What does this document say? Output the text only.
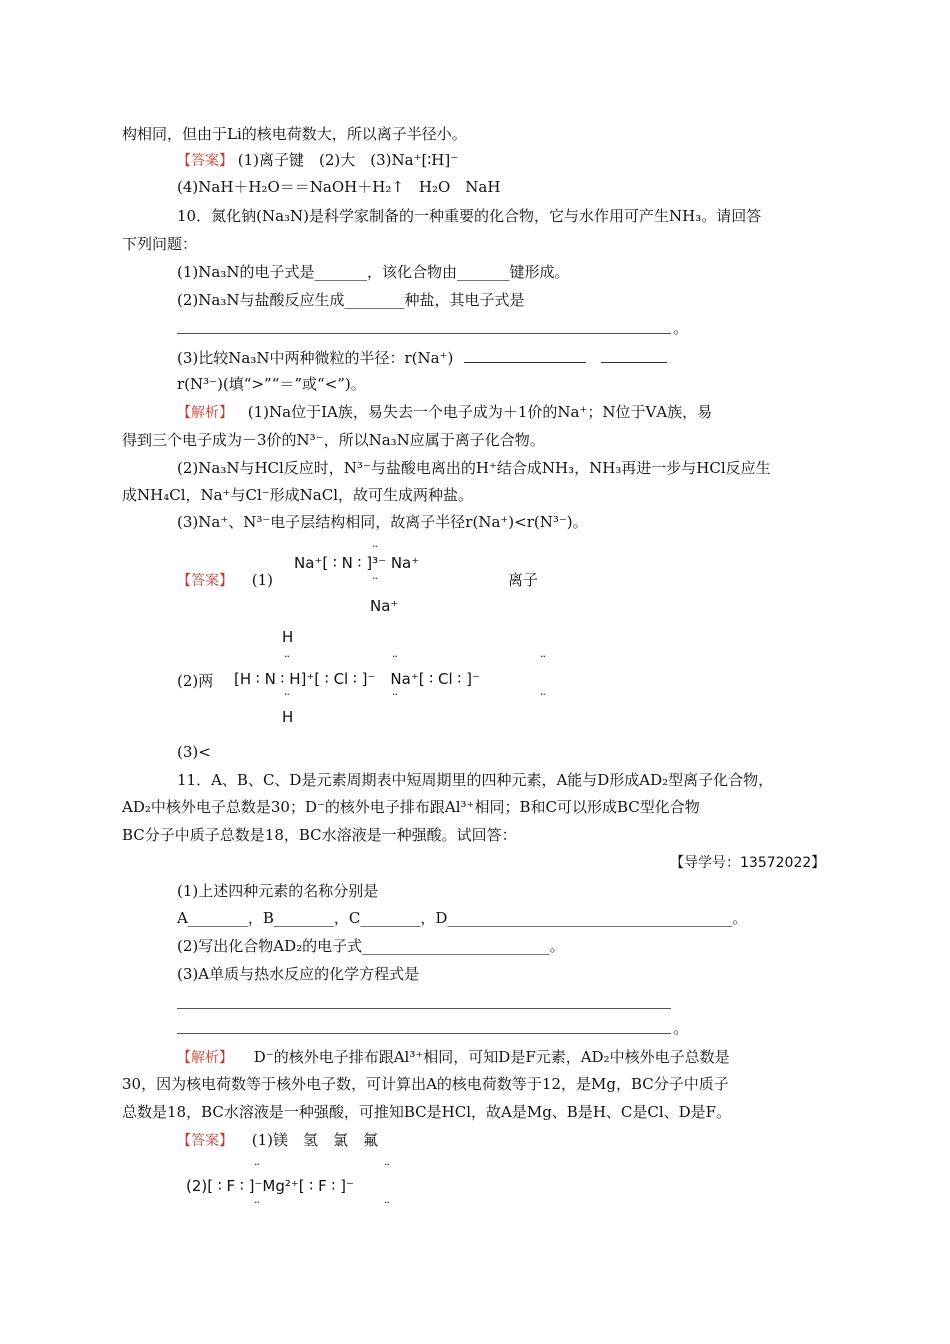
构相同，但由于Li的核电荷数大，所以离子半径小。
【答案】 (1)离子键　(2)大　(3)Na⁺[∶H]⁻
(4)NaH＋H₂O＝＝NaOH＋H₂↑　H₂O　NaH
10．氮化钠(Na₃N)是科学家制备的一种重要的化合物，它与水作用可产生NH₃。请回答
下列问题：
(1)Na₃N的电子式是_______，该化合物由_______键形成。
(2)Na₃N与盐酸反应生成________种盐，其电子式是
。
(3)比较Na₃N中两种微粒的半径：r(Na⁺)
r(N³⁻)(填“>”“＝”或“<”)。
【解析】 (1)Na位于ⅠA族，易失去一个电子成为＋1价的Na⁺；N位于ⅤA族，易
得到三个电子成为－3价的N³⁻，所以Na₃N应属于离子化合物。
(2)Na₃N与HCl反应时，N³⁻与盐酸电离出的H⁺结合成NH₃，NH₃再进一步与HCl反应生
成NH₄Cl，Na⁺与Cl⁻形成NaCl，故可生成两种盐。
(3)Na⁺、N³⁻电子层结构相同，故离子半径r(Na⁺)<r(N³⁻)。
【答案】 (1)
··
Na⁺[ ∶ N ∶ ]³⁻ Na⁺
··
Na⁺
离子
H
··	··	··
(2)两 [H ∶ N ∶ H]⁺[ ∶ Cl ∶ ]⁻　Na⁺[ ∶ Cl ∶ ]⁻
··	··	··
H
(3)<
11．A、B、C、D是元素周期表中短周期里的四种元素，A能与D形成AD₂型离子化合物，
AD₂中核外电子总数是30；D⁻的核外电子排布跟Al³⁺相同；B和C可以形成BC型化合物
BC分子中质子总数是18，BC水溶液是一种强酸。试回答：
【导学号：13572022】
(1)上述四种元素的名称分别是
A________，B________，C________，D______________________________________。
(2)写出化合物AD₂的电子式_________________________。
(3)A单质与热水反应的化学方程式是
。
【解析】 D⁻的核外电子排布跟Al³⁺相同，可知D是F元素，AD₂中核外电子总数是
30，因为核电荷数等于核外电子数，可计算出A的核电荷数等于12，是Mg，BC分子中质子
总数是18，BC水溶液是一种强酸，可推知BC是HCl，故A是Mg、B是H、C是Cl、D是F。
【答案】 (1)镁　氢　氯　氟
··	··
(2)[ ∶ F ∶ ]⁻Mg²⁺[ ∶ F ∶ ]⁻
··	··
